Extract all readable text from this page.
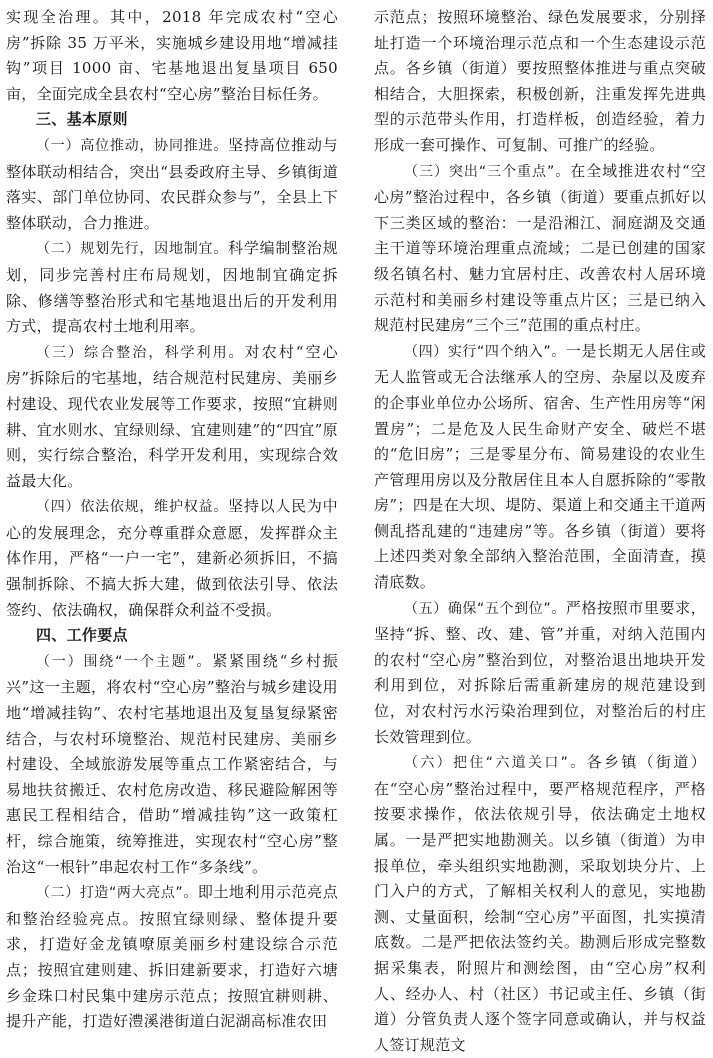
实现全治理。其中，2018 年完成农村“空心房”拆除 35 万平米，实施城乡建设用地“增减挂钩”项目 1000 亩、宅基地退出复垦项目 650 亩，全面完成全县农村“空心房”整治目标任务。

三、基本原则

（一）高位推动，协同推进。坚持高位推动与整体联动相结合，突出“县委政府主导、乡镇街道落实、部门单位协同、农民群众参与”，全县上下整体联动，合力推进。

（二）规划先行，因地制宜。科学编制整治规划，同步完善村庄布局规划，因地制宜确定拆除、修缮等整治形式和宅基地退出后的开发利用方式，提高农村土地利用率。

（三）综合整治，科学利用。对农村“空心房”拆除后的宅基地，结合规范村民建房、美丽乡村建设、现代农业发展等工作要求，按照“宜耕则耕、宜水则水、宜绿则绿、宜建则建”的“四宜”原则，实行综合整治，科学开发利用，实现综合效益最大化。

（四）依法依规，维护权益。坚持以人民为中心的发展理念，充分尊重群众意愿，发挥群众主体作用，严格“一户一宅”，建新必须拆旧，不搞强制拆除、不搞大拆大建，做到依法引导、依法签约、依法确权，确保群众利益不受损。

四、工作要点

（一）围绕“一个主题”。紧紧围绕“乡村振兴”这一主题，将农村“空心房”整治与城乡建设用地“增减挂钩”、农村宅基地退出及复垦复绿紧密结合，与农村环境整治、规范村民建房、美丽乡村建设、全域旅游发展等重点工作紧密结合，与易地扶贫搬迁、农村危房改造、移民避险解困等惠民工程相结合，借助“增减挂钩”这一政策杠杆，综合施策，统筹推进，实现农村“空心房”整治这“一根针”串起农村工作“多条线”。

（二）打造“两大亮点”。即土地利用示范亮点和整治经验亮点。按照宜绿则绿、整体提升要求，打造好金龙镇嘹原美丽乡村建设综合示范点；按照宜建则建、拆旧建新要求，打造好六塘乡金珠口村民集中建房示范点；按照宜耕则耕、提升产能，打造好澧溪港街道白泥湖高标准农田

示范点；按照环境整治、绿色发展要求，分别择址打造一个环境治理示范点和一个生态建设示范点。各乡镇（街道）要按照整体推进与重点突破相结合，大胆探索，积极创新，注重发挥先进典型的示范带头作用，打造样板，创造经验，着力形成一套可操作、可复制、可推广的经验。

（三）突出“三个重点”。在全域推进农村“空心房”整治过程中，各乡镇（街道）要重点抓好以下三类区域的整治：一是沿湘江、洞庭湖及交通主干道等环境治理重点流域；二是已创建的国家级名镇名村、魅力宜居村庄、改善农村人居环境示范村和美丽乡村建设等重点片区；三是已纳入规范村民建房“三个三”范围的重点村庄。

（四）实行“四个纳入”。一是长期无人居住或无人监管或无合法继承人的空房、杂屋以及废弃的企事业单位办公场所、宿舍、生产性用房等“闲置房”；二是危及人民生命财产安全、破烂不堪的“危旧房”；三是零星分布、简易建设的农业生产管理用房以及分散居住且本人自愿拆除的“零散房”；四是在大坝、堤防、渠道上和交通主干道两侧乱搭乱建的“违建房”等。各乡镇（街道）要将上述四类对象全部纳入整治范围，全面清查，摸清底数。

（五）确保“五个到位”。严格按照市里要求，坚持“拆、整、改、建、管”并重，对纳入范围内的农村“空心房”整治到位，对整治退出地块开发利用到位，对拆除后需重新建房的规范建设到位，对农村污水污染治理到位，对整治后的村庄长效管理到位。

（六）把住“六道关口”。各乡镇（街道）在“空心房”整治过程中，要严格规范程序，严格按要求操作，依法依规引导，依法确定土地权属。一是严把实地勘测关。以乡镇（街道）为申报单位，牵头组织实地勘测，采取划块分片、上门入户的方式，了解相关权利人的意见，实地勘测、丈量面积，绘制“空心房”平面图，扎实摸清底数。二是严把依法签约关。勘测后形成完整数据采集表，附照片和测绘图，由“空心房”权利人、经办人、村（社区）书记或主任、乡镇（街道）分管负责人逐个签字同意或确认，并与权益人签订规范文
